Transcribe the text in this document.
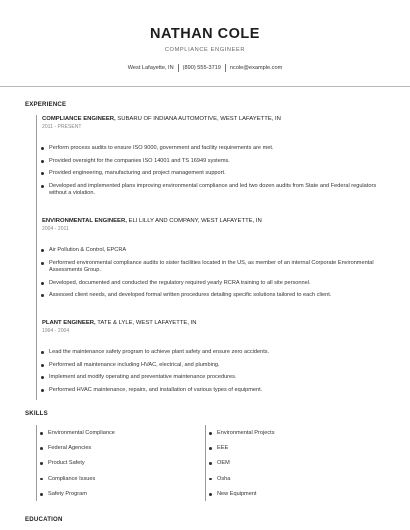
NATHAN COLE
COMPLIANCE ENGINEER
West Lafayette, IN (890) 555-3719 ncole@example.com
EXPERIENCE
COMPLIANCE ENGINEER, SUBARU OF INDIANA AUTOMOTIVE, WEST LAFAYETTE, IN
2011 - PRESENT
Perform process audits to ensure ISO 9000, government and facility requirements are met.
Provided oversight for the companies ISO 14001 and TS 16949 systems.
Provided engineering, manufacturing and project management support.
Developed and implemented plans improving environmental compliance and led two dozen audits from State and Federal regulators without a violation.
ENVIRONMENTAL ENGINEER, ELI LILLY AND COMPANY, WEST LAFAYETTE, IN
2004 - 2011
Air Pollution & Control, EPCRA
Performed environmental compliance audits to sister facilities located in the US, as member of an internal Corporate Environmental Assessments Group.
Developed, documented and conducted the regulatory required yearly RCRA training to all site personnel.
Assessed client needs, and developed formal written procedures detailing specific solutions tailored to each client.
PLANT ENGINEER, TATE & LYLE, WEST LAFAYETTE, IN
1994 - 2004
Lead the maintenance safety program to achieve plant safety and ensure zero accidents.
Performed all maintenance including HVAC, electrical, and plumbing.
Implement and modify operating and preventative maintenance procedures.
Performed HVAC maintenance, repairs, and installation of various types of equipment.
SKILLS
Environmental Compliance
Federal Agencies
Product Safety
Compliance Issues
Safety Program
Environmental Projects
EEE
OEM
Osha
New Equipment
EDUCATION
